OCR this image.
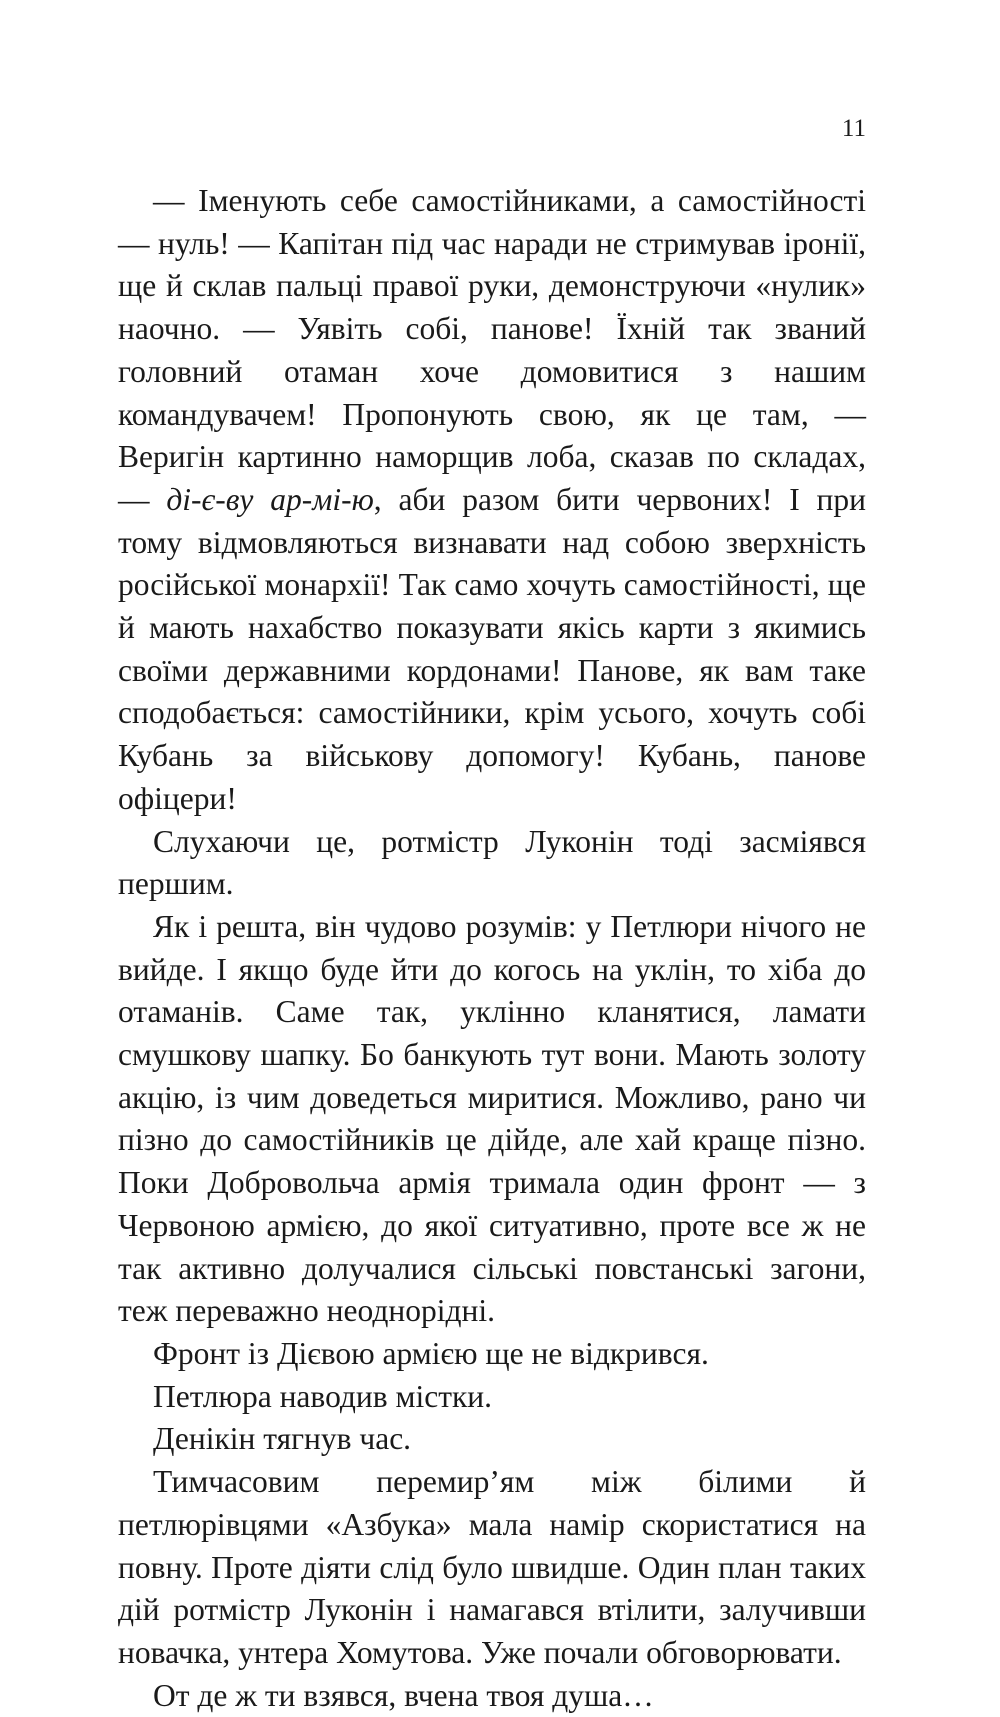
11

— Іменують себе самостійниками, а самостійності — нуль! — Капітан під час наради не стримував іронії, ще й склав пальці правої руки, демонструючи «нулик» наочно. — Уявіть собі, панове! Їхній так званий головний отаман хоче домовитися з нашим командувачем! Пропонують свою, як це там, — Веригін картинно наморщив лоба, сказав по складах, — ді-є-ву ар-мі-ю, аби разом бити червоних! І при тому відмовляються визнавати над собою зверхність російської монархії! Так само хочуть самостійності, ще й мають нахабство показувати якісь карти з якимись своїми державними кордонами! Панове, як вам таке сподобається: самостійники, крім усього, хочуть собі Кубань за військову допомогу! Кубань, панове офіцери!

Слухаючи це, ротмістр Луконін тоді засміявся першим.

Як і решта, він чудово розумів: у Петлюри нічого не вийде. І якщо буде йти до когось на уклін, то хіба до отаманів. Саме так, уклінно кланятися, ламати смушкову шапку. Бо банкують тут вони. Мають золоту акцію, із чим доведеться миритися. Можливо, рано чи пізно до самостійників це дійде, але хай краще пізно. Поки Добровольча армія тримала один фронт — з Червоною армією, до якої ситуативно, проте все ж не так активно долучалися сільські повстанські загони, теж переважно неоднорідні.

Фронт із Дієвою армією ще не відкрився.

Петлюра наводив містки.

Денікін тягнув час.

Тимчасовим перемир’ям між білими й петлюрівцями «Азбука» мала намір скористатися на повну. Проте діяти слід було швидше. Один план таких дій ротмістр Луконін і намагався втілити, залучивши новачка, унтера Хомутова. Уже почали обговорювати.

От де ж ти взявся, вчена твоя душа…
